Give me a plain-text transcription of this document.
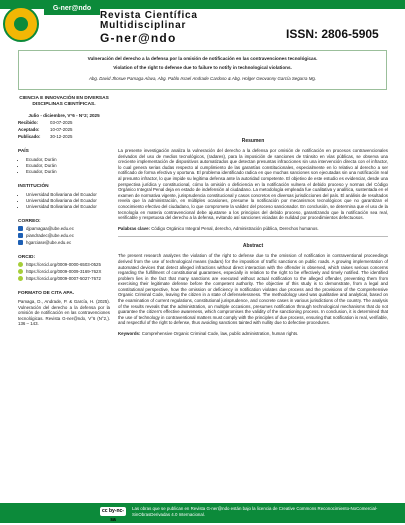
G-ner@ndo
Revista Científica
Multidisciplinar
G-ner@ndo	ISSN: 2806-5905
Vulneración del derecho a la defensa por la omisión de notificación en las contravenciones tecnológicas.
Violation of the right to defense due to failure to notify in technological violations.
Abg. David Jhosue Pamaga Alava, Abg. Pablo Israel Andrade Cardoso & Abg. Holger Geovanny García Segarra Mg.
CIENCIA E INNOVACIÓN EN DIVERSAS DISCIPLINAS CIENTÍFICAS.
Julio - diciembre, V°6 - N°2; 2025
Recibido:	03-07-2025
Aceptado: 10-07-2025
Publicado: 30-12-2025
PAÍS
• Ecuador, Durán
• Ecuador, Durán
• Ecuador, Durán
INSTITUCIÓN
• Universidad Bolivariana del Ecuador
• Universidad Bolivariana del Ecuador
• Universidad Bolivariana del Ecuador
CORREO:
djpamagaa@ube.edu.ec
piandradec@ube.edu.ec
hgarciase@ube.edu.ec
ORCID:
https://orcid.org/0009-0000-6503-0525
https://orcid.org/0009-0009-3169-762X
https://orcid.org/0009-0007-5027-7672
FORMATO DE CITA APA.
Pamaga, D., Andrade, P. & García, H. (2025). Vulneración del derecho a la defensa por la omisión de notificación en las contravenciones tecnológicas. Revista G-ner@ndo, V°6 (N°2,). 136 – 143.
Resumen
La presente investigación analiza la vulneración del derecho a la defensa por omisión de notificación en procesos contravencionales derivados del uso de medios tecnológicos, (radares), para la imposición de sanciones de tránsito en vías públicas, se observa una creciente implementación de dispositivos automatizados que detectan presuntas infracciones sin una intervención directa con el infractor, lo cual genera serias dudas respecto al cumplimiento de las garantías constitucionales, especialmente en lo relativo al derecho a ser notificado de forma efectiva y oportuna. El problema identificado radica en que muchas sanciones son ejecutadas sin una notificación real al presunto infractor, lo que impide su legítima defensa ante la autoridad competente. El objetivo de este estudio es evidenciar, desde una perspectiva jurídica y constitucional, cómo la omisión o deficiencia en la notificación vulnera el debido proceso y normas del Código Orgánico Integral Penal deja en estado de indefensión al ciudadano. La metodología empleada fue cualitativa y analítica, sustentada en el examen de normativa vigente, jurisprudencia constitucional y casos concretos en diversas jurisdicciones del país. El análisis de resultados revela que la administración, en múltiples ocasiones, presume la notificación por mecanismos tecnológicos que no garantizan el conocimiento efectivo del ciudadano, lo que compromete la validez del proceso sancionador. En conclusión, se determina que el uso de la tecnología en materia contravencional debe ajustarse a los principios del debido proceso, garantizando que la notificación sea real, verificable y respetuosa del derecho a la defensa, evitando así sanciones viciadas de nulidad por procedimientos defectuosos.
Palabras clave: Código Orgánico Integral Penal, derecho, Administración pública, Derechos humanos.
Abstract
The present research analyzes the violation of the right to defense due to the omission of notification in contraventional proceedings derived from the use of technological means (radars) for the imposition of traffic sanctions on public roads. A growing implementation of automated devices that detect alleged infractions without direct interaction with the offender is observed, which raises serious concerns regarding the fulfillment of constitutional guarantees, especially in relation to the right to be effectively and timely notified. The identified problem lies in the fact that many sanctions are executed without actual notification to the alleged offender, preventing them from exercising their legitimate defense before the competent authority. The objective of this study is to demonstrate, from a legal and constitutional perspective, how the omission or deficiency in notification violates due process and the provisions of the Comprehensive Organic Criminal Code, leaving the citizen in a state of defenselessness. The methodology used was qualitative and analytical, based on the examination of current regulations, constitutional jurisprudence, and concrete cases in various jurisdictions of the country. The analysis of the results reveals that the administration, on multiple occasions, presumes notification through technological mechanisms that do not guarantee the citizen's effective awareness, which compromises the validity of the sanctioning process. In conclusion, it is determined that the use of technology in contraventional matters must comply with the principles of due process, ensuring that notification is real, verifiable, and respectful of the right to defense, thus avoiding sanctions tainted with nullity due to defective procedures.
Keywords: Comprehensive Organic Criminal Code, law, public administration, human rights.
cc by-nc-sa
Las obras que se publican en Revista G-ner@ndo están bajo la licencia de Creative Commons Reconocimiento-NoComercial-SinObrasDerivadas 4.0 Internacional.
